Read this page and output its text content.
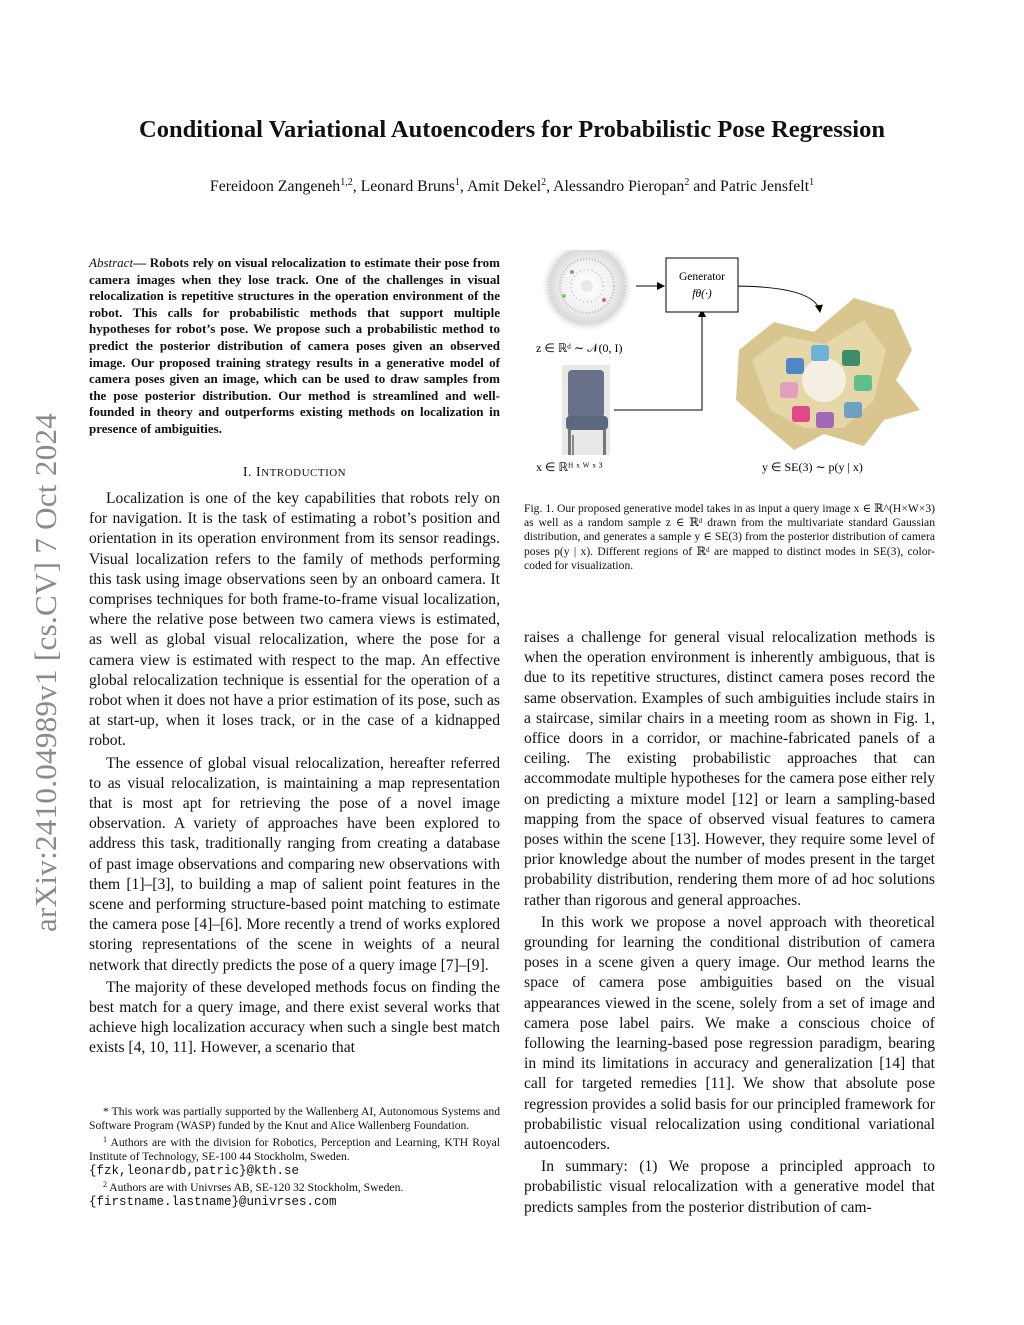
arXiv:2410.04989v1 [cs.CV] 7 Oct 2024
Conditional Variational Autoencoders for Probabilistic Pose Regression
Fereidoon Zangeneh$^{1,2}$, Leonard Bruns$^1$, Amit Dekel$^2$, Alessandro Pieropan$^2$ and Patric Jensfelt$^1$
Abstract— Robots rely on visual relocalization to estimate their pose from camera images when they lose track. One of the challenges in visual relocalization is repetitive structures in the operation environment of the robot. This calls for probabilistic methods that support multiple hypotheses for robot’s pose. We propose such a probabilistic method to predict the posterior distribution of camera poses given an observed image. Our proposed training strategy results in a generative model of camera poses given an image, which can be used to draw samples from the pose posterior distribution. Our method is streamlined and well-founded in theory and outperforms existing methods on localization in presence of ambiguities.
I. INTRODUCTION

Localization is one of the key capabilities that robots rely on for navigation. It is the task of estimating a robot’s position and orientation in its operation environment from its sensor readings. Visual localization refers to the family of methods performing this task using image observations seen by an onboard camera. It comprises techniques for both frame-to-frame visual localization, where the relative pose between two camera views is estimated, as well as global visual relocalization, where the pose for a camera view is estimated with respect to the map. An effective global relocalization technique is essential for the operation of a robot when it does not have a prior estimation of its pose, such as at start-up, when it loses track, or in the case of a kidnapped robot.

The essence of global visual relocalization, hereafter referred to as visual relocalization, is maintaining a map representation that is most apt for retrieving the pose of a novel image observation. A variety of approaches have been explored to address this task, traditionally ranging from creating a database of past image observations and comparing new observations with them [1]–[3], to building a map of salient point features in the scene and performing structure-based point matching to estimate the camera pose [4]–[6]. More recently a trend of works explored storing representations of the scene in weights of a neural network that directly predicts the pose of a query image [7]–[9].

The majority of these developed methods focus on finding the best match for a query image, and there exist several works that achieve high localization accuracy when such a single best match exists [4, 10, 11]. However, a scenario that

* This work was partially supported by the Wallenberg AI, Autonomous Systems and Software Program (WASP) funded by the Knut and Alice Wallenberg Foundation.
$^1$ Authors are with the division for Robotics, Perception and Learning, KTH Royal Institute of Technology, SE-100 44 Stockholm, Sweden.
{fzk,leonardb,patric}@kth.se
$^2$ Authors are with Univrses AB, SE-120 32 Stockholm, Sweden.
{firstname.lastname}@univrses.com
z ∈ ℝᵈ ∼ 𝒩(0, I)
x ∈ ℝᴴ ˣ ᵂ ˣ ³
Generator
fθ(·)
y ∈ SE(3) ∼ p(y | x)
Fig. 1. Our proposed generative model takes in as input a query image x ∈ ℝ^(H×W×3) as well as a random sample z ∈ ℝᵈ drawn from the multivariate standard Gaussian distribution, and generates a sample y ∈ SE(3) from the posterior distribution of camera poses p(y | x). Different regions of ℝᵈ are mapped to distinct modes in SE(3), color-coded for visualization.

raises a challenge for general visual relocalization methods is when the operation environment is inherently ambiguous, that is due to its repetitive structures, distinct camera poses record the same observation. Examples of such ambiguities include stairs in a staircase, similar chairs in a meeting room as shown in Fig. 1, office doors in a corridor, or machine-fabricated panels of a ceiling. The existing probabilistic approaches that can accommodate multiple hypotheses for the camera pose either rely on predicting a mixture model [12] or learn a sampling-based mapping from the space of observed visual features to camera poses within the scene [13]. However, they require some level of prior knowledge about the number of modes present in the target probability distribution, rendering them more of ad hoc solutions rather than rigorous and general approaches.

In this work we propose a novel approach with theoretical grounding for learning the conditional distribution of camera poses in a scene given a query image. Our method learns the space of camera pose ambiguities based on the visual appearances viewed in the scene, solely from a set of image and camera pose label pairs. We make a conscious choice of following the learning-based pose regression paradigm, bearing in mind its limitations in accuracy and generalization [14] that call for targeted remedies [11]. We show that absolute pose regression provides a solid basis for our principled framework for probabilistic visual relocalization using conditional variational autoencoders.

In summary: (1) We propose a principled approach to probabilistic visual relocalization with a generative model that predicts samples from the posterior distribution of cam-
